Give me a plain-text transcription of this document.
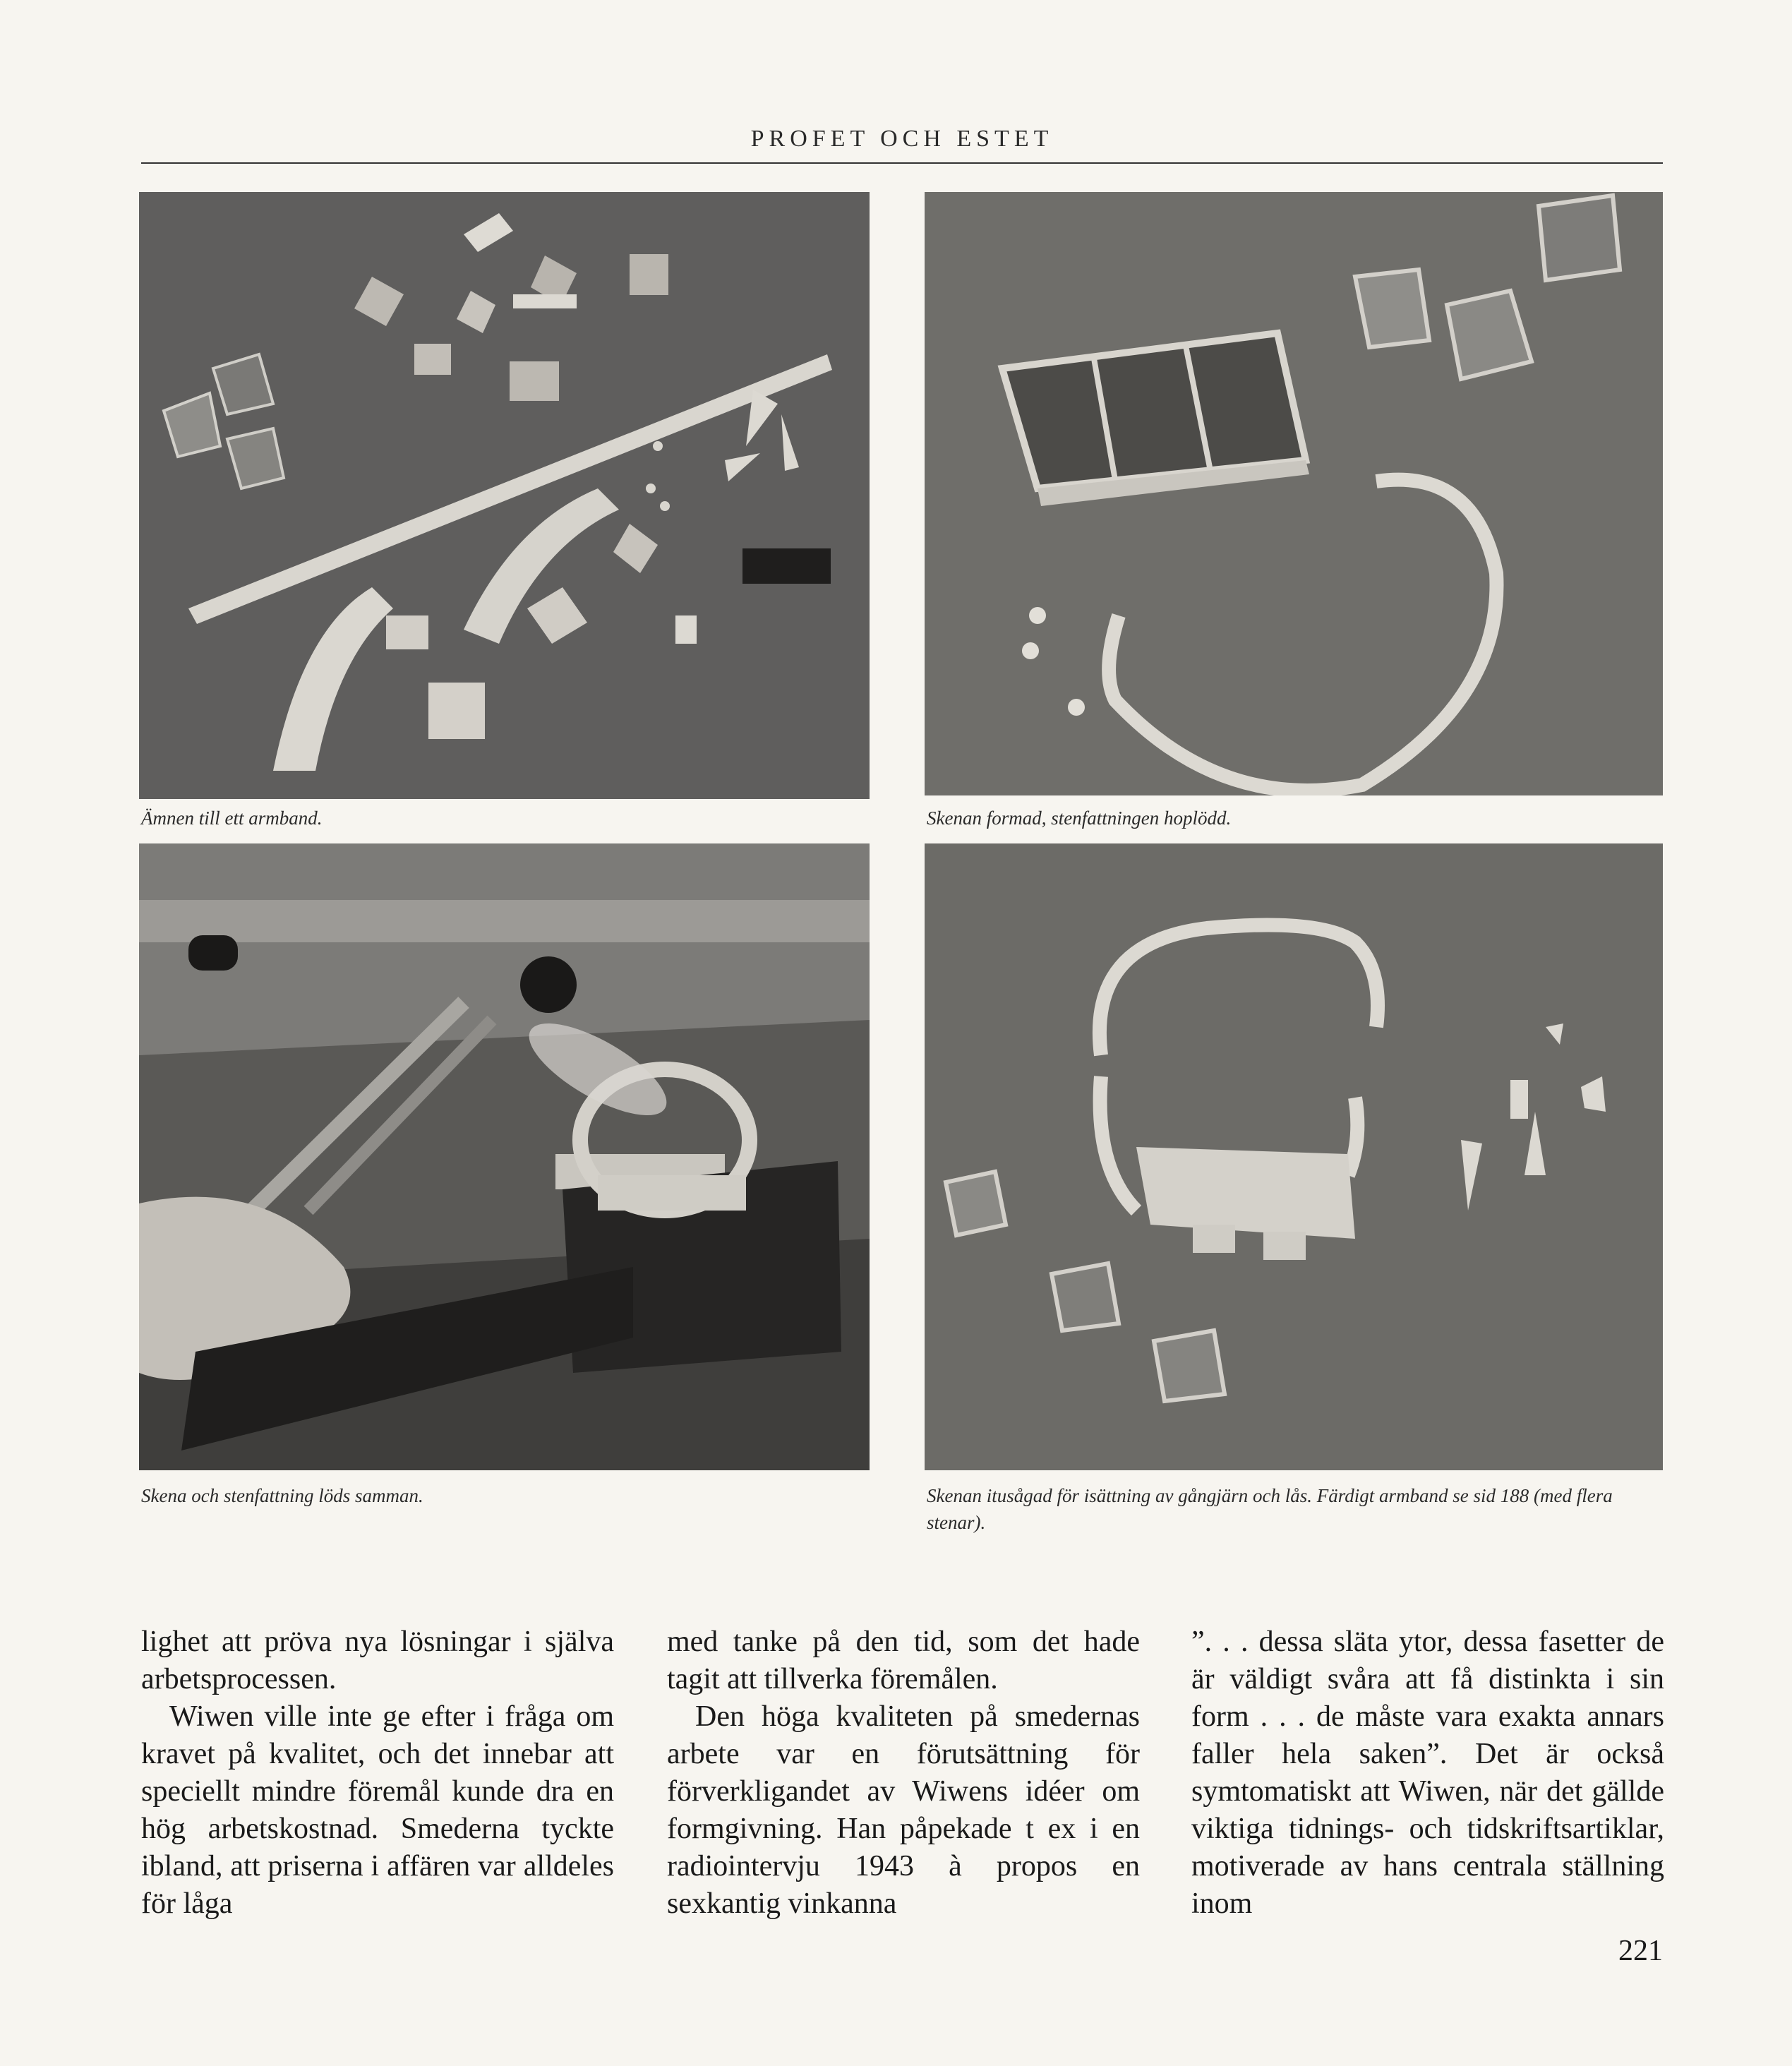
PROFET OCH ESTET
Ämnen till ett armband.	Skenan formad, stenfattningen hoplödd.
Skena och stenfattning löds samman.	Skenan itusågad för isättning av gångjärn och lås. Färdigt armband se sid 188 (med flera stenar).

lighet att pröva nya lösningar i själva arbetsprocessen.

Wiwen ville inte ge efter i fråga om kravet på kvalitet, och det innebar att speciellt mindre föremål kunde dra en hög arbetskostnad. Smederna tyckte ibland, att priserna i affären var alldeles för låga

med tanke på den tid, som det hade tagit att tillverka föremålen.

Den höga kvaliteten på smedernas arbete var en förutsättning för förverkligandet av Wiwens idéer om formgivning. Han påpekade t ex i en radiointervju 1943 à propos en sexkantig vinkanna

”. . . dessa släta ytor, dessa fasetter de är väldigt svåra att få distinkta i sin form . . . de måste vara exakta annars faller hela saken”. Det är också symtomatiskt att Wiwen, när det gällde viktiga tidnings- och tidskriftsartiklar, motiverade av hans centrala ställning inom

221
